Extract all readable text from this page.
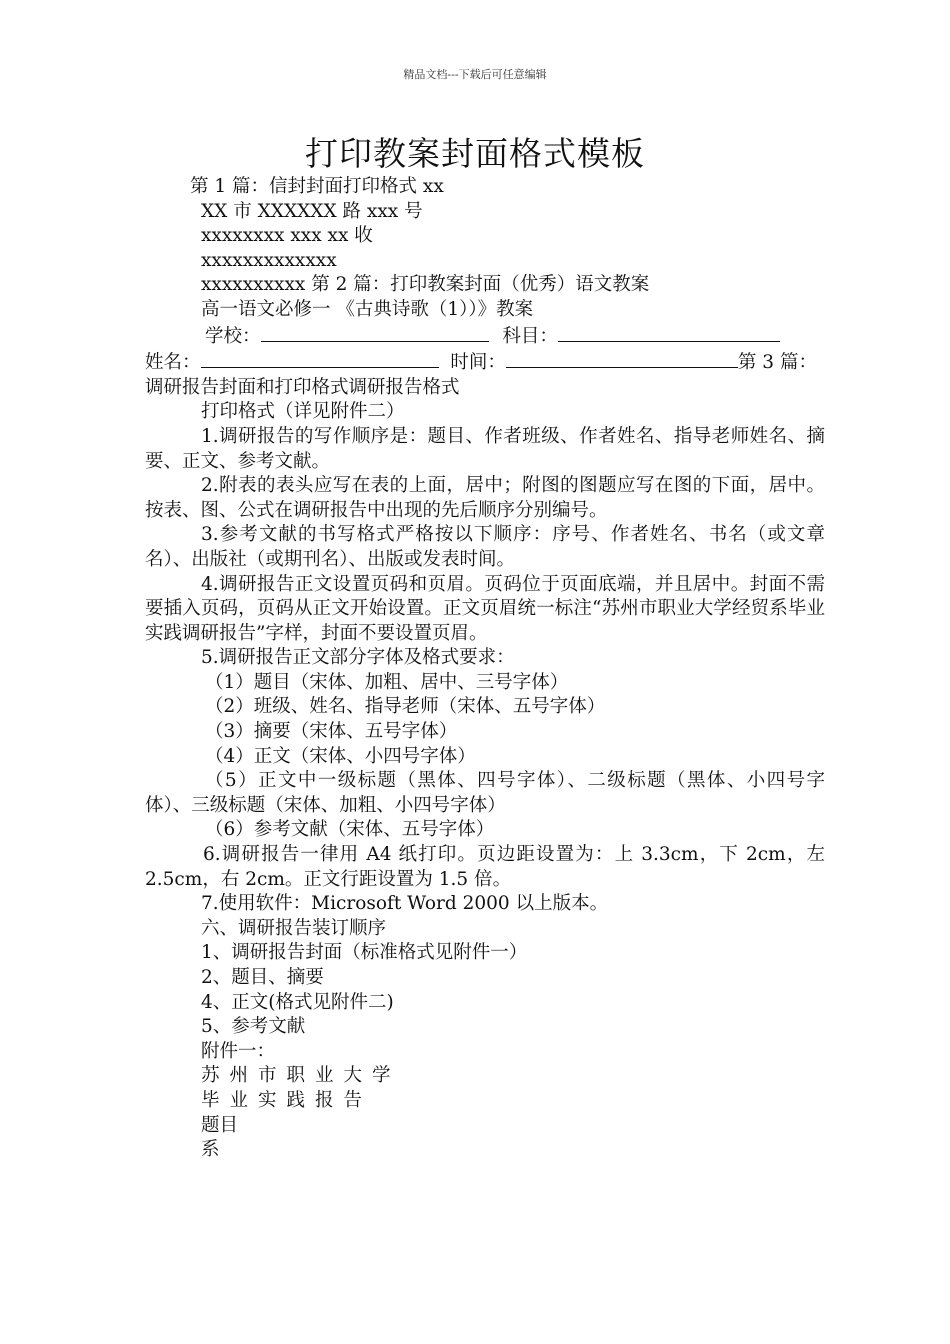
精品文档---下载后可任意编辑
打印教案封面格式模板
第 1 篇：信封封面打印格式 xx
XX 市 XXXXXX 路 xxx 号
xxxxxxxx xxx xx 收
xxxxxxxxxxxxx
xxxxxxxxxx 第 2 篇：打印教案封面（优秀）语文教案
高一语文必修一 《古典诗歌（1））》教案
学校：	科目：
姓名：	时间：	第 3 篇：
调研报告封面和打印格式调研报告格式
打印格式（详见附件二）
1.调研报告的写作顺序是：题目、作者班级、作者姓名、指导老师姓名、摘要、正文、参考文献。
2.附表的表头应写在表的上面，居中；附图的图题应写在图的下面，居中。按表、图、公式在调研报告中出现的先后顺序分别编号。
3.参考文献的书写格式严格按以下顺序：序号、作者姓名、书名（或文章名）、出版社（或期刊名）、出版或发表时间。
4.调研报告正文设置页码和页眉。页码位于页面底端，并且居中。封面不需要插入页码，页码从正文开始设置。正文页眉统一标注“苏州市职业大学经贸系毕业实践调研报告”字样，封面不要设置页眉。
5.调研报告正文部分字体及格式要求：
（1）题目（宋体、加粗、居中、三号字体）
（2）班级、姓名、指导老师（宋体、五号字体）
（3）摘要（宋体、五号字体）
（4）正文（宋体、小四号字体）
（5）正文中一级标题（黑体、四号字体）、二级标题（黑体、小四号字体）、三级标题（宋体、加粗、小四号字体）
（6）参考文献（宋体、五号字体）
6.调研报告一律用 A4 纸打印。页边距设置为：上 3.3cm，下 2cm，左 2.5cm，右 2cm。正文行距设置为 1.5 倍。
7.使用软件：Microsoft Word 2000 以上版本。
六、调研报告装订顺序
1、调研报告封面（标准格式见附件一）
2、题目、摘要
4、正文(格式见附件二)
5、参考文献
附件一：
苏州市职业大学
毕业实践报告
题目
系
